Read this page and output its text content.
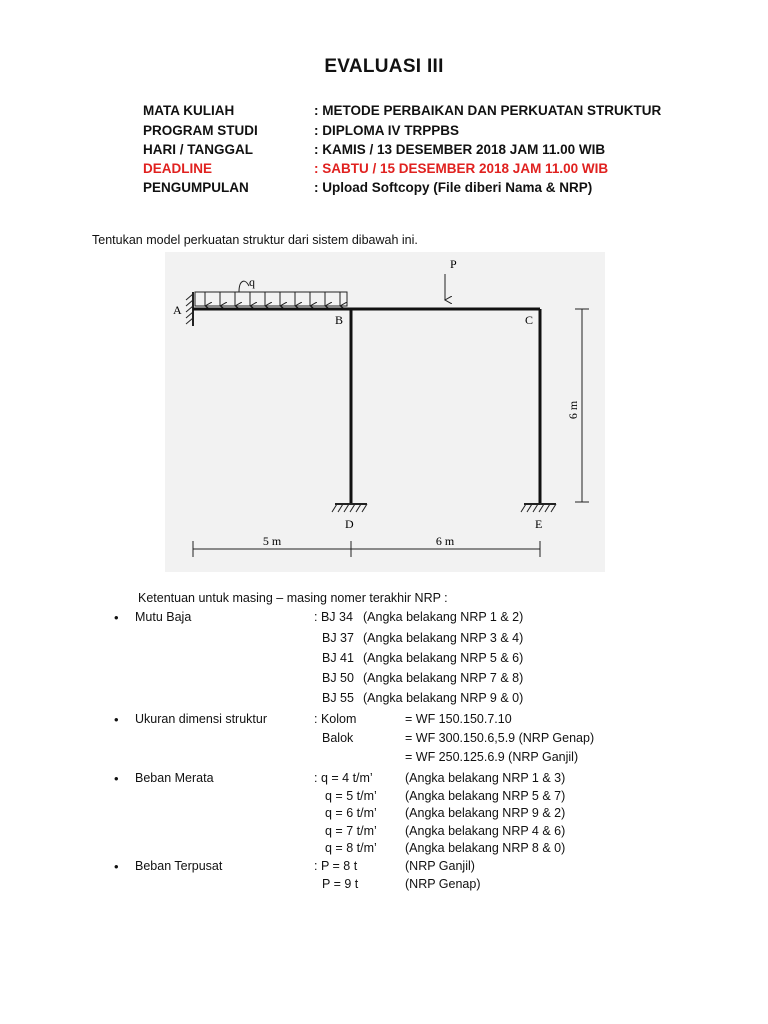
EVALUASI III
MATA KULIAH	: METODE PERBAIKAN DAN PERKUATAN STRUKTUR
PROGRAM STUDI	: DIPLOMA IV TRPPBS
HARI / TANGGAL	: KAMIS / 13 DESEMBER 2018 JAM 11.00 WIB
DEADLINE	: SABTU / 15 DESEMBER 2018 JAM 11.00 WIB
PENGUMPULAN	: Upload Softcopy (File diberi Nama & NRP)
Tentukan model perkuatan struktur dari sistem dibawah ini.
q
P
A
B	C
D	E
6 m
5 m	6 m
Ketentuan untuk masing – masing nomer terakhir NRP :
• Mutu Baja	: BJ 34 (Angka belakang NRP 1 & 2)
BJ 37 (Angka belakang NRP 3 & 4)
BJ 41 (Angka belakang NRP 5 & 6)
BJ 50 (Angka belakang NRP 7 & 8)
BJ 55 (Angka belakang NRP 9 & 0)
• Ukuran dimensi struktur	: Kolom	= WF 150.150.7.10
Balok	= WF 300.150.6,5.9 (NRP Genap)
= WF 250.125.6.9 (NRP Ganjil)
• Beban Merata	: q = 4 t/m’	(Angka belakang NRP 1 & 3)
q = 5 t/m’ (Angka belakang NRP 5 & 7)
q = 6 t/m’ (Angka belakang NRP 9 & 2)
q = 7 t/m’ (Angka belakang NRP 4 & 6)
q = 8 t/m’ (Angka belakang NRP 8 & 0)
• Beban Terpusat	: P = 8 t	(NRP Ganjil)
P = 9 t	(NRP Genap)
